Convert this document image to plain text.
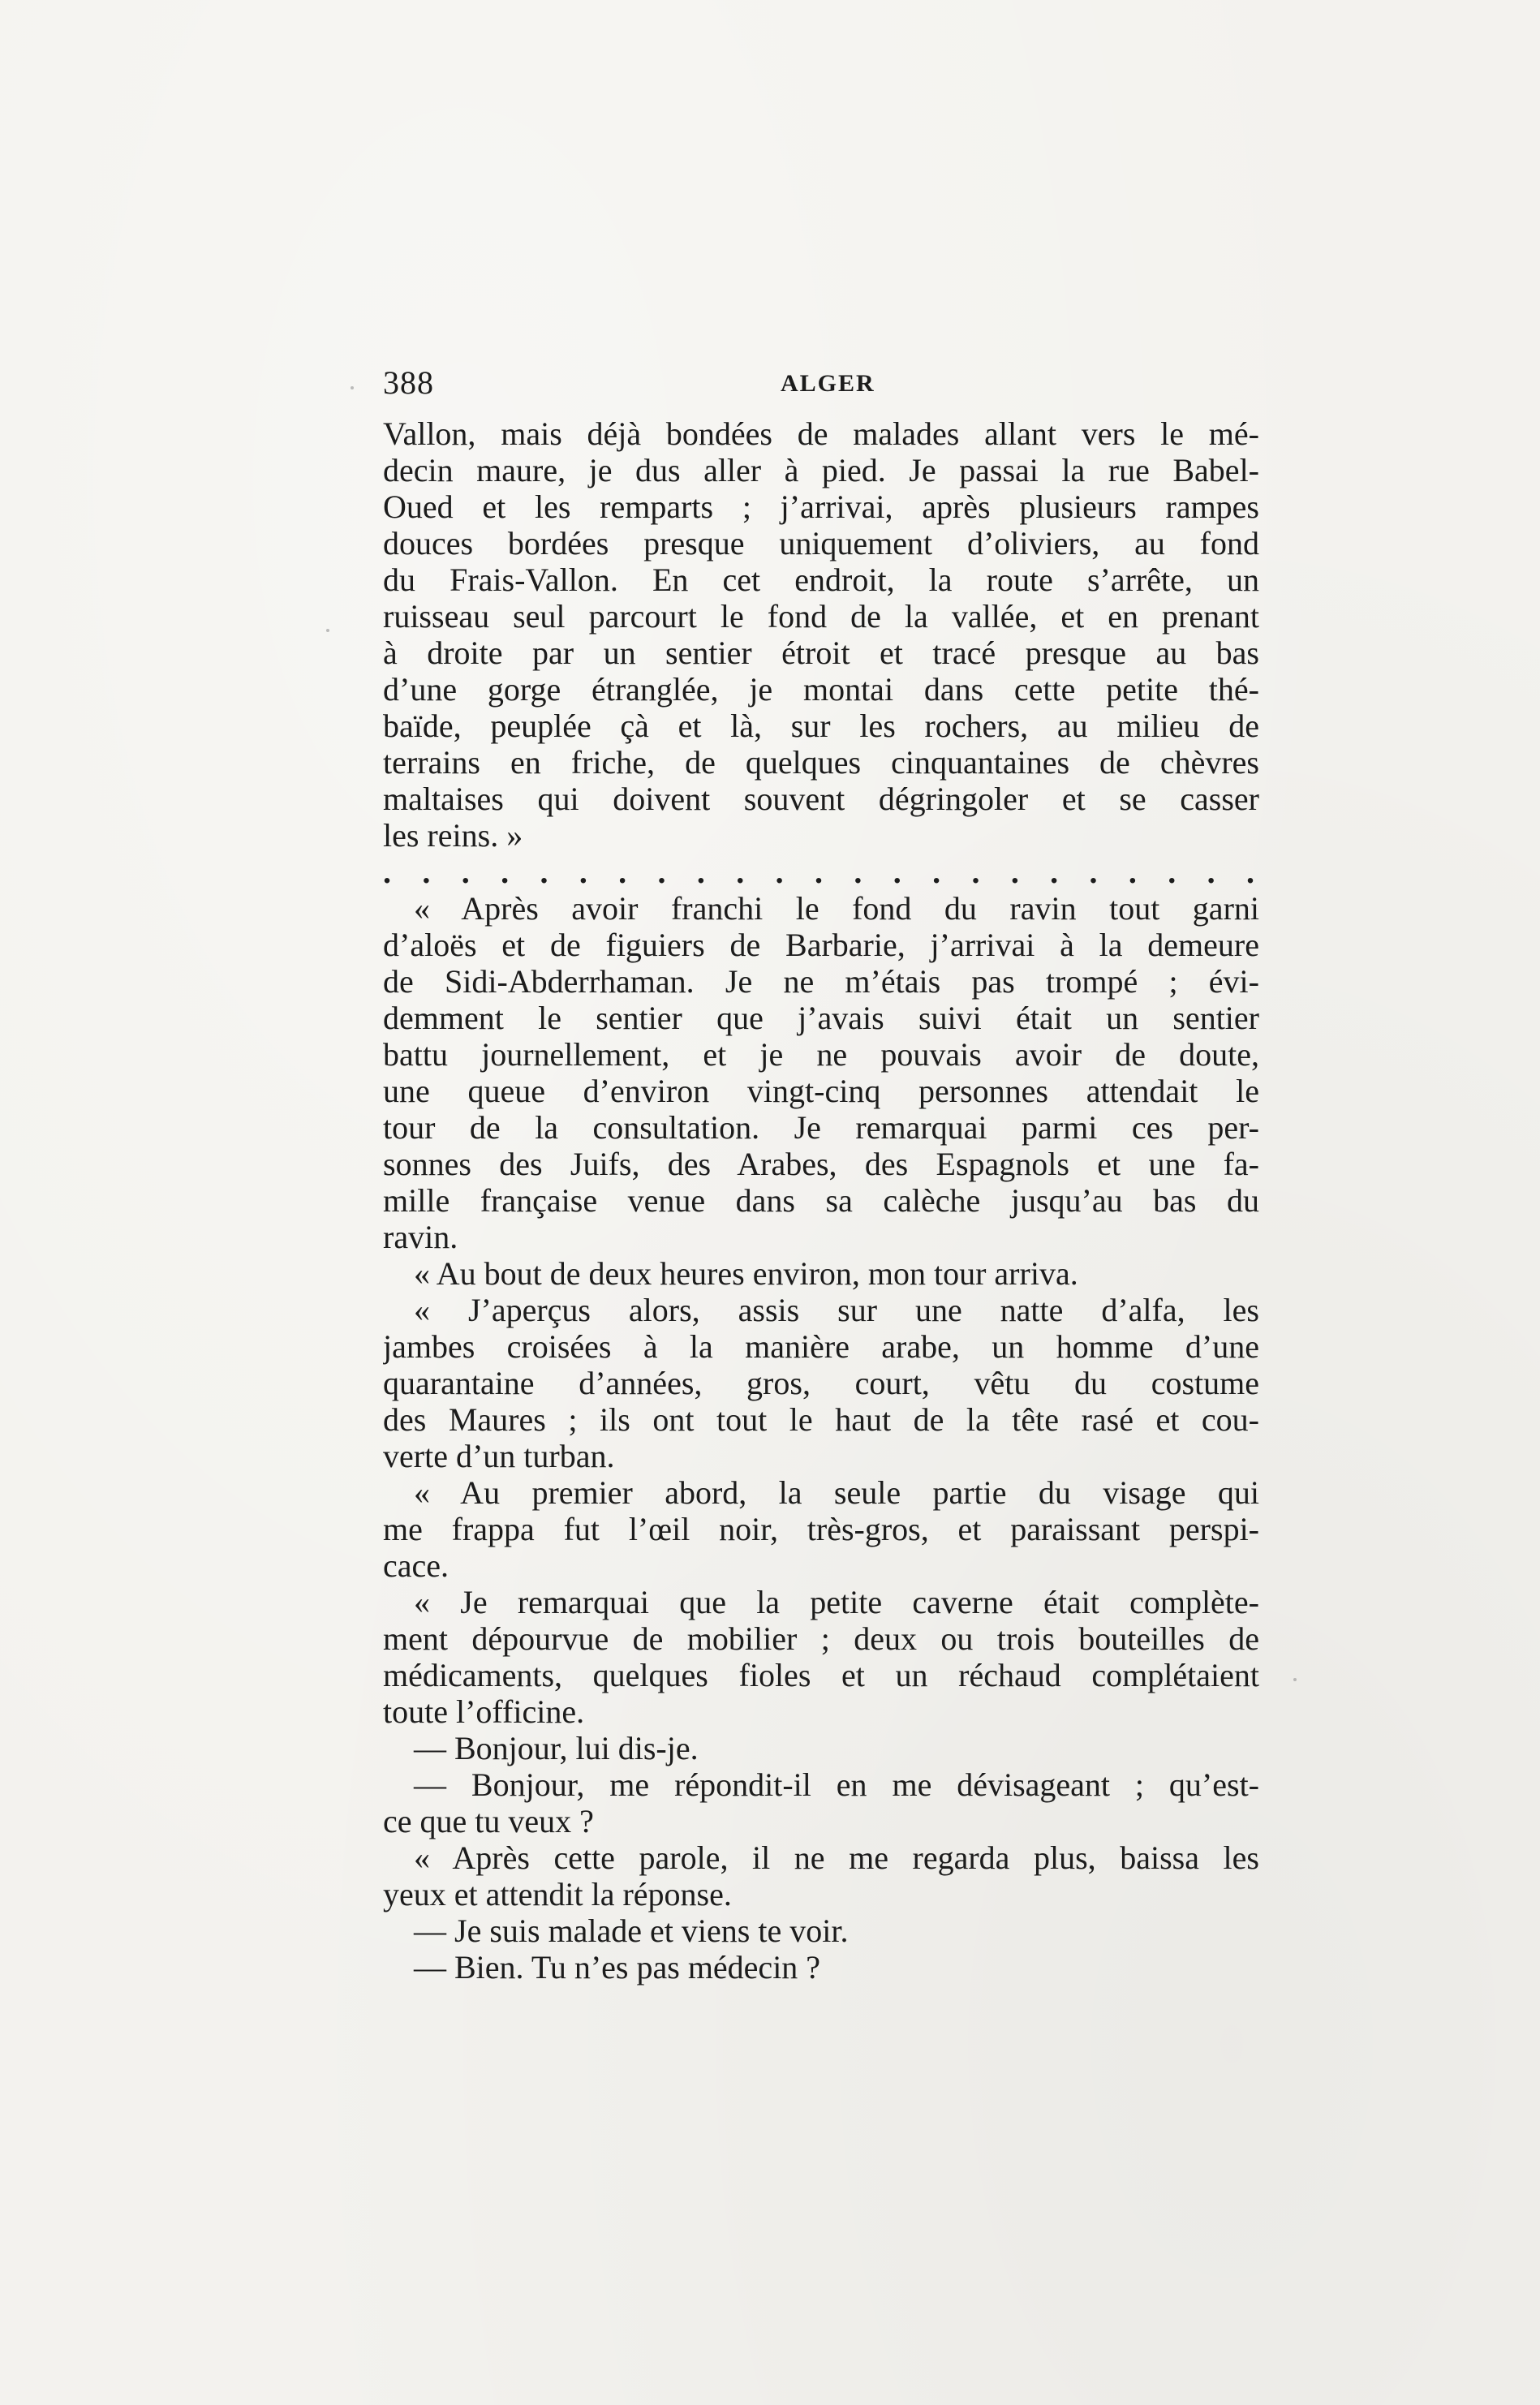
388	ALGER
Vallon, mais déjà bondées de malades allant vers le mé-
decin maure, je dus aller à pied. Je passai la rue Babel-
Oued et les remparts ; j’arrivai, après plusieurs rampes
douces bordées presque uniquement d’oliviers, au fond
du Frais-Vallon. En cet endroit, la route s’arrête, un
ruisseau seul parcourt le fond de la vallée, et en prenant
à droite par un sentier étroit et tracé presque au bas
d’une gorge étranglée, je montai dans cette petite thé-
baïde, peuplée çà et là, sur les rochers, au milieu de
terrains en friche, de quelques cinquantaines de chèvres
maltaises qui doivent souvent dégringoler et se casser
les reins. »
. . . . . . . . . . . . . . . . . . . . . . .
« Après avoir franchi le fond du ravin tout garni
d’aloës et de figuiers de Barbarie, j’arrivai à la demeure
de Sidi-Abderrhaman. Je ne m’étais pas trompé ; évi-
demment le sentier que j’avais suivi était un sentier
battu journellement, et je ne pouvais avoir de doute,
une queue d’environ vingt-cinq personnes attendait le
tour de la consultation. Je remarquai parmi ces per-
sonnes des Juifs, des Arabes, des Espagnols et une fa-
mille française venue dans sa calèche jusqu’au bas du
ravin.
« Au bout de deux heures environ, mon tour arriva.
« J’aperçus alors, assis sur une natte d’alfa, les
jambes croisées à la manière arabe, un homme d’une
quarantaine d’années, gros, court, vêtu du costume
des Maures ; ils ont tout le haut de la tête rasé et cou-
verte d’un turban.
« Au premier abord, la seule partie du visage qui
me frappa fut l’œil noir, très-gros, et paraissant perspi-
cace.
« Je remarquai que la petite caverne était complète-
ment dépourvue de mobilier ; deux ou trois bouteilles de
médicaments, quelques fioles et un réchaud complétaient
toute l’officine.
— Bonjour, lui dis-je.
— Bonjour, me répondit-il en me dévisageant ; qu’est-
ce que tu veux ?
« Après cette parole, il ne me regarda plus, baissa les
yeux et attendit la réponse.
— Je suis malade et viens te voir.
— Bien. Tu n’es pas médecin ?
